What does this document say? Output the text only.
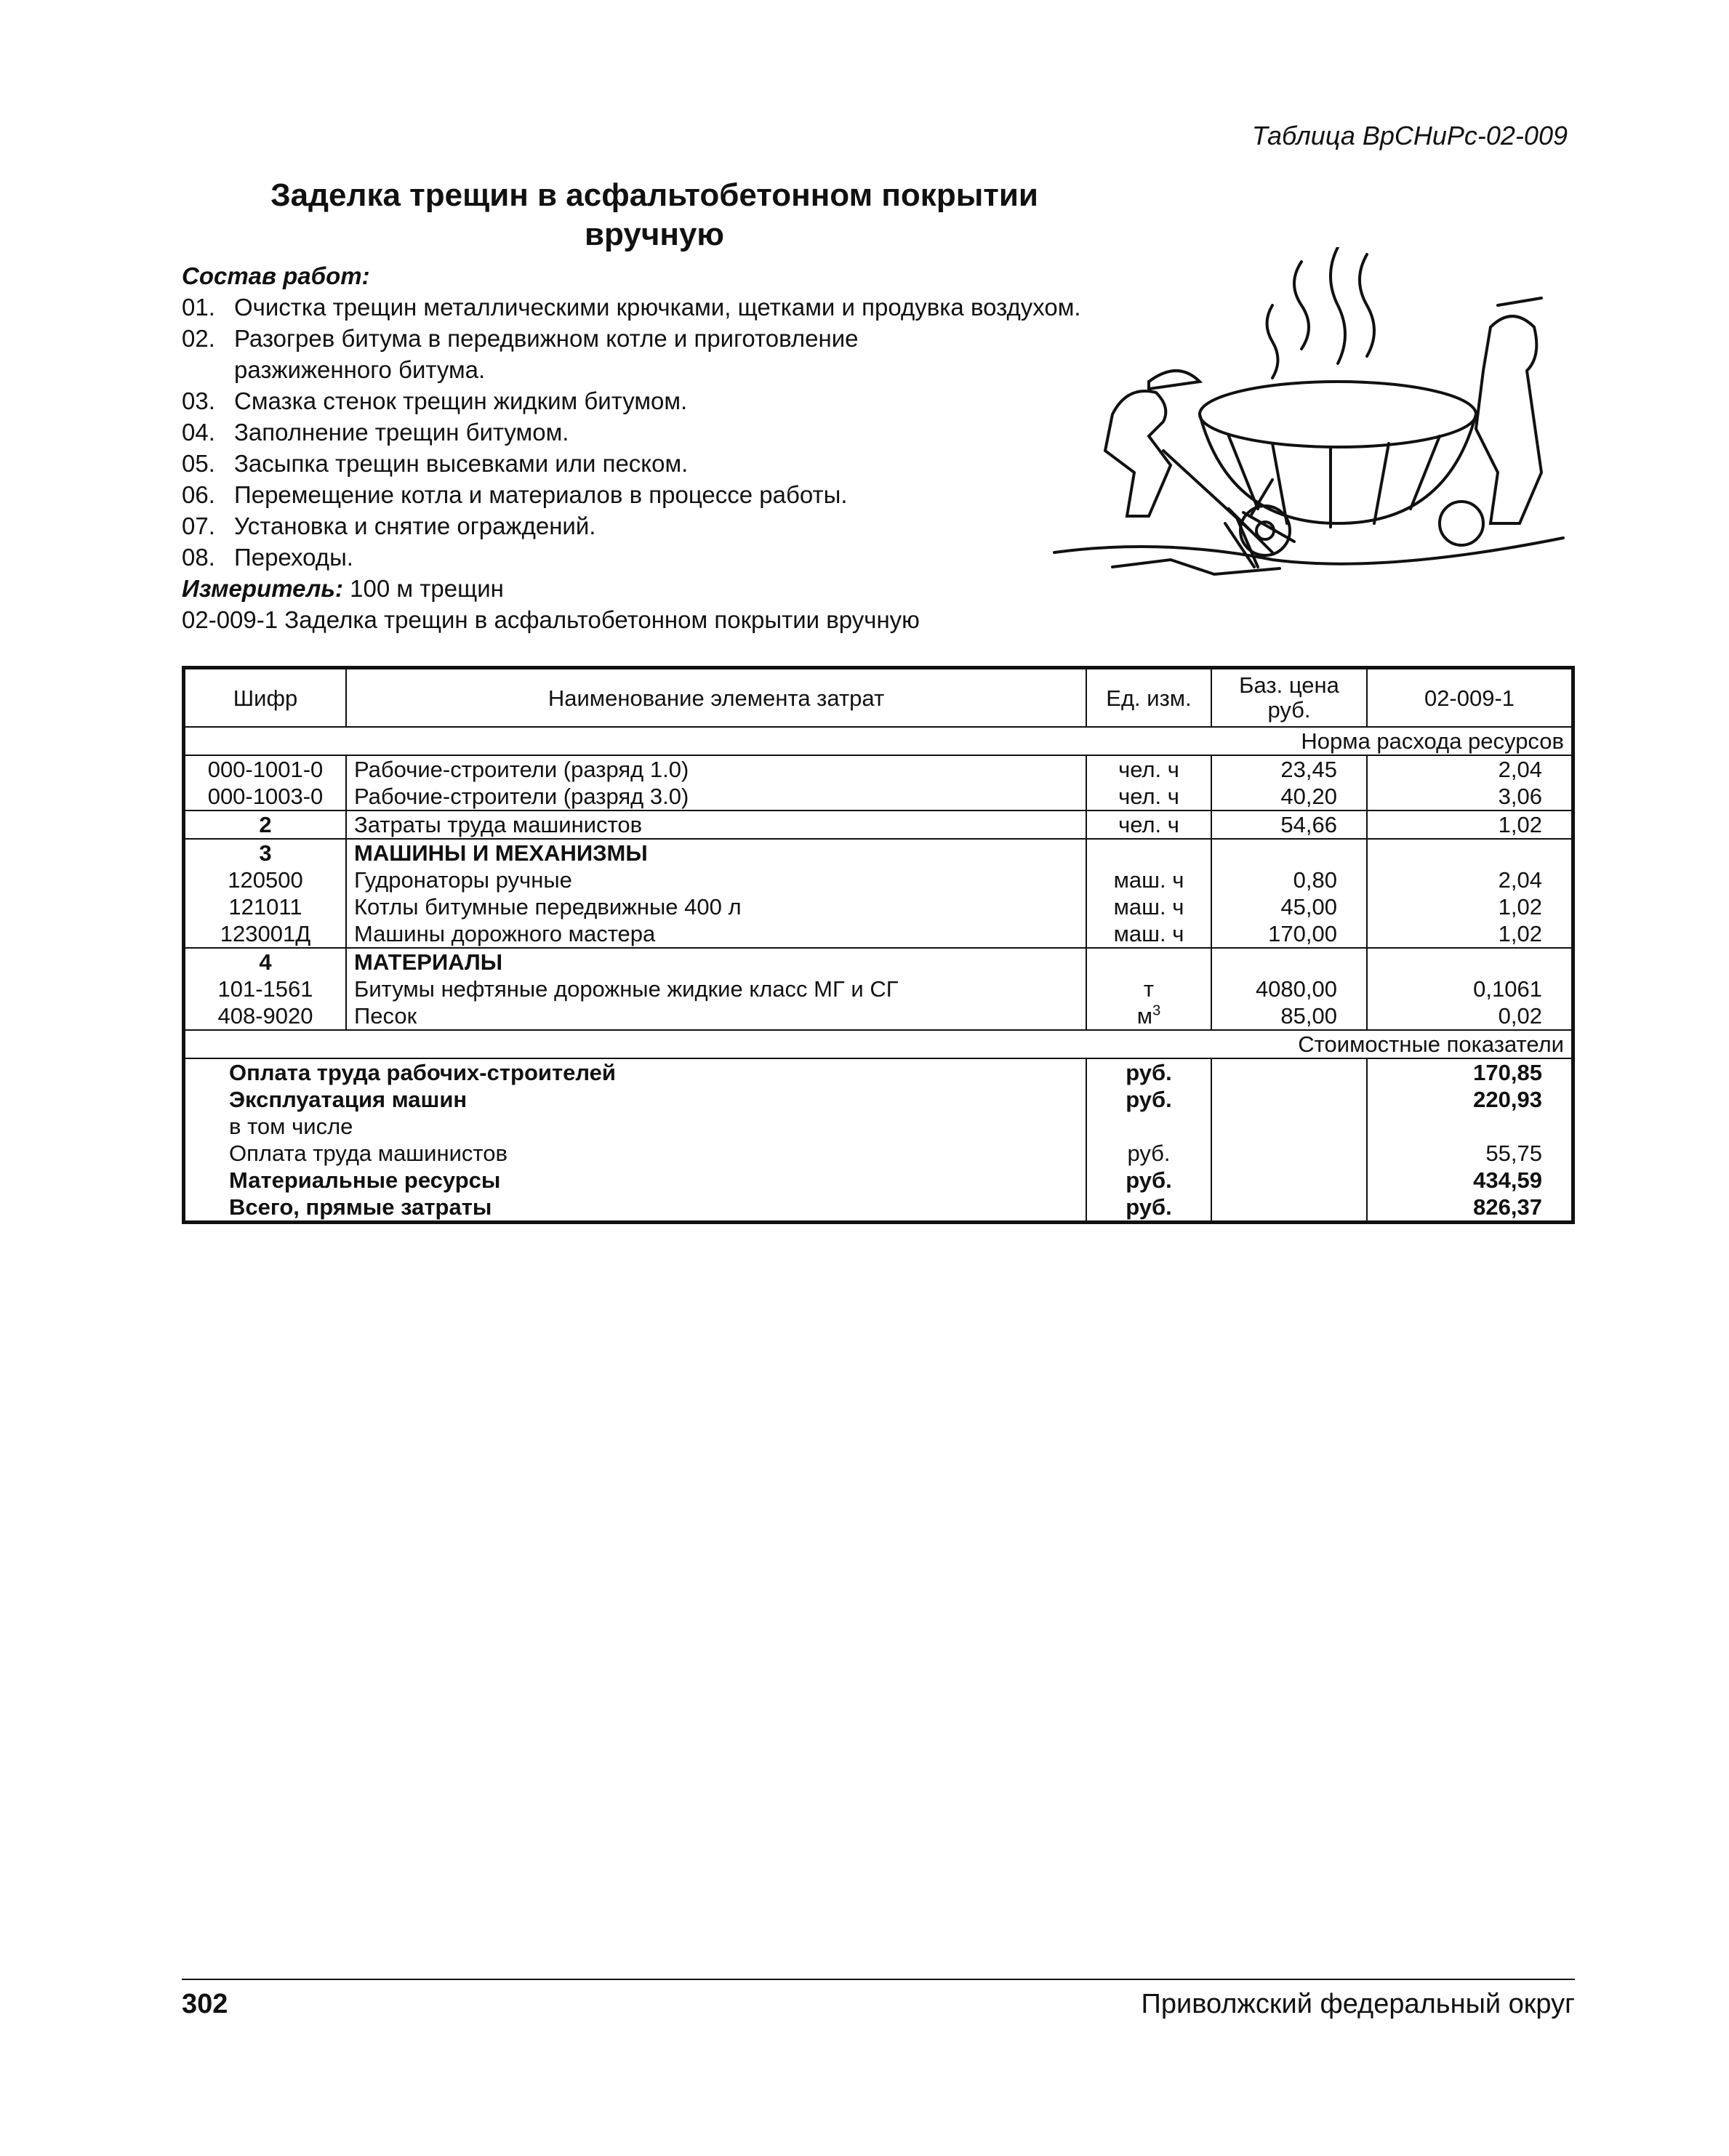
Таблица ВрСНиРс-02-009
Заделка трещин в асфальтобетонном покрытии
вручную
Состав работ:
01. Очистка трещин металлическими крючками, щетками и продувка воздухом.
02. Разогрев битума в передвижном котле и приготовление разжиженного битума.
03. Смазка стенок трещин жидким битумом.
04. Заполнение трещин битумом.
05. Засыпка трещин высевками или песком.
06. Перемещение котла и материалов в процессе работы.
07. Установка и снятие ограждений.
08. Переходы.
Измеритель: 100 м трещин
02-009-1 Заделка трещин в асфальтобетонном покрытии вручную
Шифр	Наименование элемента затрат	Ед. изм.	Баз. цена руб.	02-009-1
Норма расхода ресурсов				
000-1001-0	Рабочие-строители (разряд 1.0)	чел. ч	23,45	2,04
000-1003-0	Рабочие-строители (разряд 3.0)	чел. ч	40,20	3,06
2	Затраты труда машинистов	чел. ч	54,66	1,02
3	МАШИНЫ И МЕХАНИЗМЫ			
120500	Гудронаторы ручные	маш. ч	0,80	2,04
121011	Котлы битумные передвижные 400 л	маш. ч	45,00	1,02
123001Д	Машины дорожного мастера	маш. ч	170,00	1,02
4	МАТЕРИАЛЫ			
101-1561	Битумы нефтяные дорожные жидкие класс МГ и СГ	т	4080,00	0,1061
408-9020	Песок	$м^3$	85,00	0,02
Стоимостные показатели				
Оплата труда рабочих-строителей		руб.		170,85
Эксплуатация машин		руб.		220,93
в том числе				
Оплата труда машинистов		руб.		55,75
Материальные ресурсы		руб.		434,59
Всего, прямые затраты		руб.		826,37
302	Приволжский федеральный округ
